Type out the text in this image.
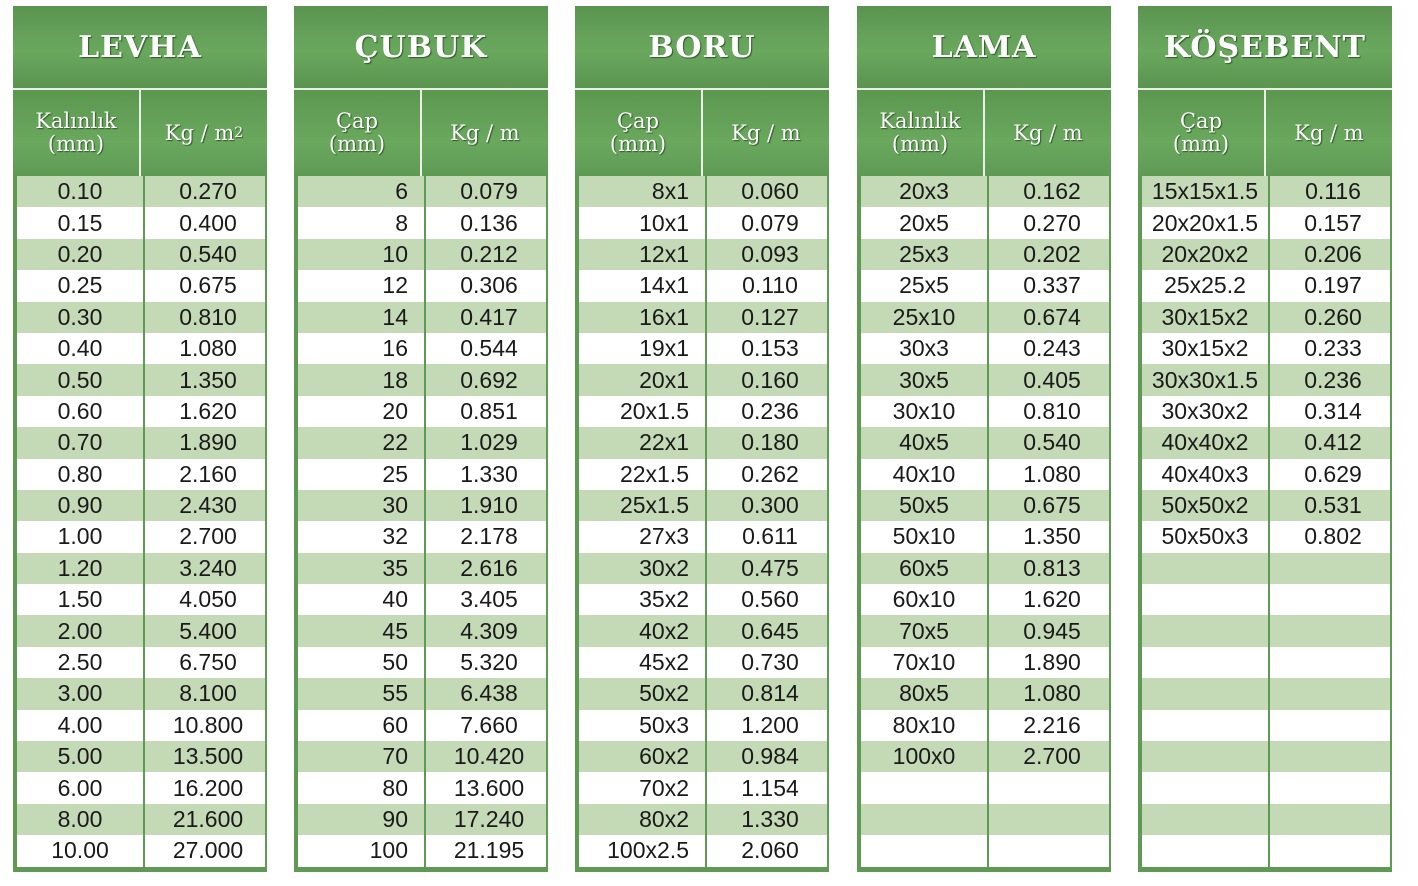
LEVHA
Kalınlık
(mm)	Kg / m 2
0.10	0.270
0.15	0.400
0.20	0.540
0.25	0.675
0.30	0.810
0.40	1.080
0.50	1.350
0.60	1.620
0.70	1.890
0.80	2.160
0.90	2.430
1.00	2.700
1.20	3.240
1.50	4.050
2.00	5.400
2.50	6.750
3.00	8.100
4.00	10.800
5.00	13.500
6.00	16.200
8.00	21.600
10.00	27.000
ÇUBUK
Çap
(mm)	Kg / m
6	0.079
8	0.136
10	0.212
12	0.306
14	0.417
16	0.544
18	0.692
20	0.851
22	1.029
25	1.330
30	1.910
32	2.178
35	2.616
40	3.405
45	4.309
50	5.320
55	6.438
60	7.660
70	10.420
80	13.600
90	17.240
100	21.195
BORU
Çap
(mm)	Kg / m
8x1	0.060
10x1	0.079
12x1	0.093
14x1	0.110
16x1	0.127
19x1	0.153
20x1	0.160
20x1.5	0.236
22x1	0.180
22x1.5	0.262
25x1.5	0.300
27x3	0.611
30x2	0.475
35x2	0.560
40x2	0.645
45x2	0.730
50x2	0.814
50x3	1.200
60x2	0.984
70x2	1.154
80x2	1.330
100x2.5	2.060
LAMA
Kalınlık
(mm)	Kg / m
20x3	0.162
20x5	0.270
25x3	0.202
25x5	0.337
25x10	0.674
30x3	0.243
30x5	0.405
30x10	0.810
40x5	0.540
40x10	1.080
50x5	0.675
50x10	1.350
60x5	0.813
60x10	1.620
70x5	0.945
70x10	1.890
80x5	1.080
80x10	2.216
100x0	2.700
KÖŞEBENT
Çap
(mm)	Kg / m
15x15x1.5	0.116
20x20x1.5	0.157
20x20x2	0.206
25x25.2	0.197
30x15x2	0.260
30x15x2	0.233
30x30x1.5	0.236
30x30x2	0.314
40x40x2	0.412
40x40x3	0.629
50x50x2	0.531
50x50x3	0.802
